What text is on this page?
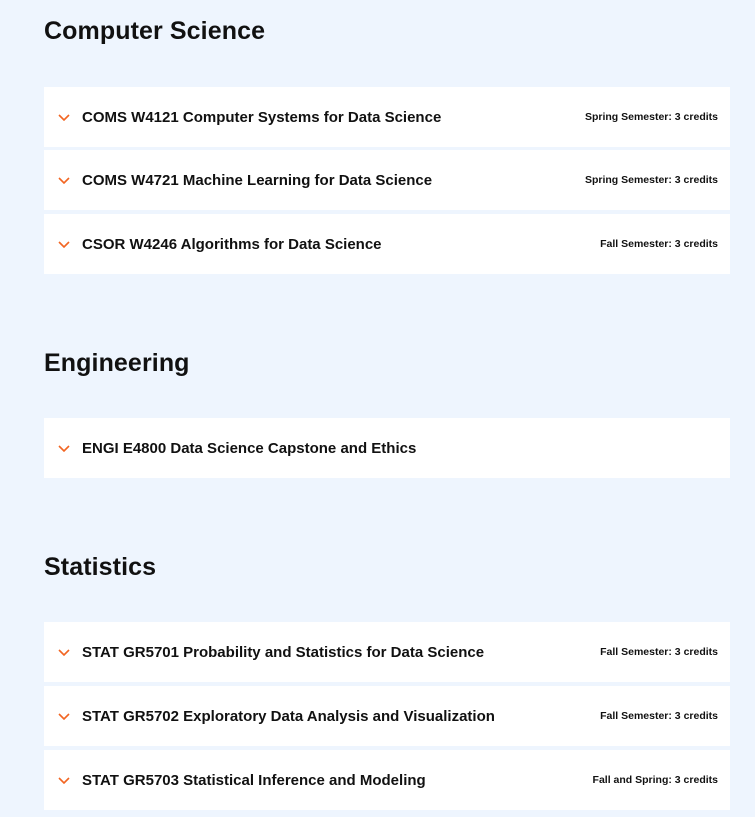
Computer Science
COMS W4121 Computer Systems for Data Science	Spring Semester: 3 credits
COMS W4721 Machine Learning for Data Science	Spring Semester: 3 credits
CSOR W4246 Algorithms for Data Science	Fall Semester: 3 credits
Engineering
ENGI E4800 Data Science Capstone and Ethics
Statistics
STAT GR5701 Probability and Statistics for Data Science	Fall Semester: 3 credits
STAT GR5702 Exploratory Data Analysis and Visualization	Fall Semester: 3 credits
STAT GR5703 Statistical Inference and Modeling	Fall and Spring: 3 credits
